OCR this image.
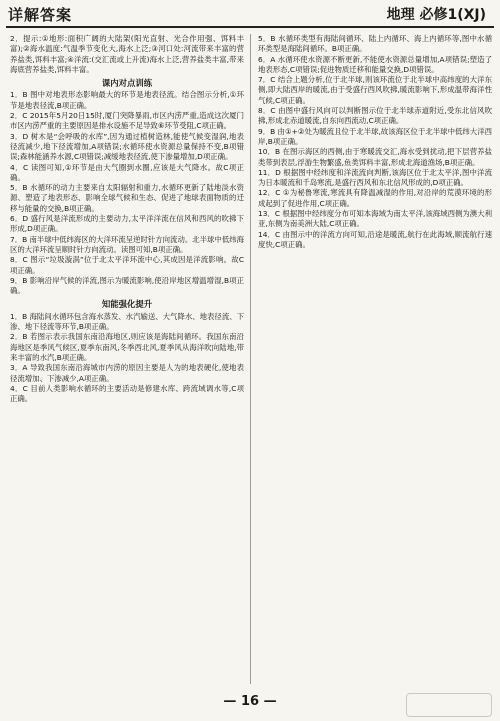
详解答案	地理 必修1(XJ)

2．提示:①地形:面积广阔的大陆架(阳光直射、光合作用强、饵料丰富);②海水温度:气温季节变化大,海水上泛;③河口处:河流带来丰富的营养盐类,饵料丰富;④洋流:(交汇流或上升流)海水上泛,营养盐类丰富,带来海底营养盐类,饵料丰富。

课内对点训练

1．B 图中对地表形态影响最大的环节是地表径流。结合图示分析,①环节是地表径流,B项正确。

2．C 2015年5月20日15时,厦门突降暴雨,市区内涝严重,造成这次厦门市区内涝严重的主要原因是排水设施不足导致⑥环节受阻,C项正确。

3．D 树木是“会呼吸的水库”,因为通过植树造林,能使气候变湿润,地表径流减少,地下径流增加,A项错误;水循环使水资源总量保持不变,B项错误;森林能涵养水源,C项错误;减缓地表径流,使下渗量增加,D项正确。

4．C 读图可知,①环节是由大气圈到水圈,应该是大气降水。故C项正确。

5．B 水循环的动力主要来自太阳辐射和重力,水循环更新了陆地淡水资源、塑造了地表形态、影响全球气候和生态、促进了地球表面物质的迁移与能量的交换,B项正确。

6．D 盛行风是洋流形成的主要动力,太平洋洋流在信风和西风的吹拂下形成,D项正确。

7．B 南半球中低纬海区的大洋环流呈逆时针方向流动。北半球中低纬海区的大洋环流呈顺时针方向流动。读图可知,B项正确。

8．C 图示“垃圾漩涡”位于北太平洋环流中心,其成因是洋流影响。故C项正确。

9．B 影响沿岸气候的洋流,图示为暖流影响,使沿岸地区增温增湿,B项正确。

知能强化提升

1．B 海陆间水循环包含海水蒸发、水汽输送、大气降水、地表径流、下渗、地下径流等环节,B项正确。

2．B 若图示表示我国东南沿海地区,则应该是海陆间循环。我国东南沿海地区是季风气候区,夏季东南风,冬季西北风,夏季风从海洋吹向陆地,带来丰富的水汽,B项正确。

3．A 导致我国东南沿海城市内涝的原因主要是人为的地表硬化,使地表径流增加、下渗减少,A项正确。

4．C 目前人类影响水循环的主要活动是修建水库、跨流域调水等,C项正确。

5．B 水循环类型有海陆间循环、陆上内循环、海上内循环等,图中水循环类型是海陆间循环。B项正确。

6．A 水循环使水资源不断更新,不能使水资源总量增加,A项错误;塑造了地表形态,C项错误;促进物质迁移和能量交换,D项错误。

7．C 结合上题分析,位于北半球,则该环流位于北半球中高纬度的大洋东侧,即大陆西岸的暖流,由于受盛行西风吹拂,暖流影响下,形成温带海洋性气候,C项正确。

8．C 由图中盛行风向可以判断图示位于北半球赤道附近,受东北信风吹拂,形成北赤道暖流,自东向西流动,C项正确。

9．B 由①+②处为暖流且位于北半球,故该海区位于北半球中低纬大洋西岸,B项正确。

10．B 在图示海区的西侧,由于寒暖流交汇,海水受到扰动,把下层营养盐类带到表层,浮游生物繁盛,鱼类饵料丰富,形成北海道渔场,B项正确。

11．D 根据图中经纬度和洋流流向判断,该海区位于北太平洋,图中洋流为日本暖流和千岛寒流,是盛行西风和东北信风形成的,D项正确。

12．C ①为秘鲁寒流,寒流具有降温减湿的作用,对沿岸的荒漠环境的形成起到了促进作用,C项正确。

13．C 根据图中经纬度分布可知本海域为南太平洋,该海域西侧为澳大利亚,东侧为南美洲大陆,C项正确。

14．C 由图示中的洋流方向可知,沿途是暖流,航行在此海域,顺流航行速度快,C项正确。

— 16 —
